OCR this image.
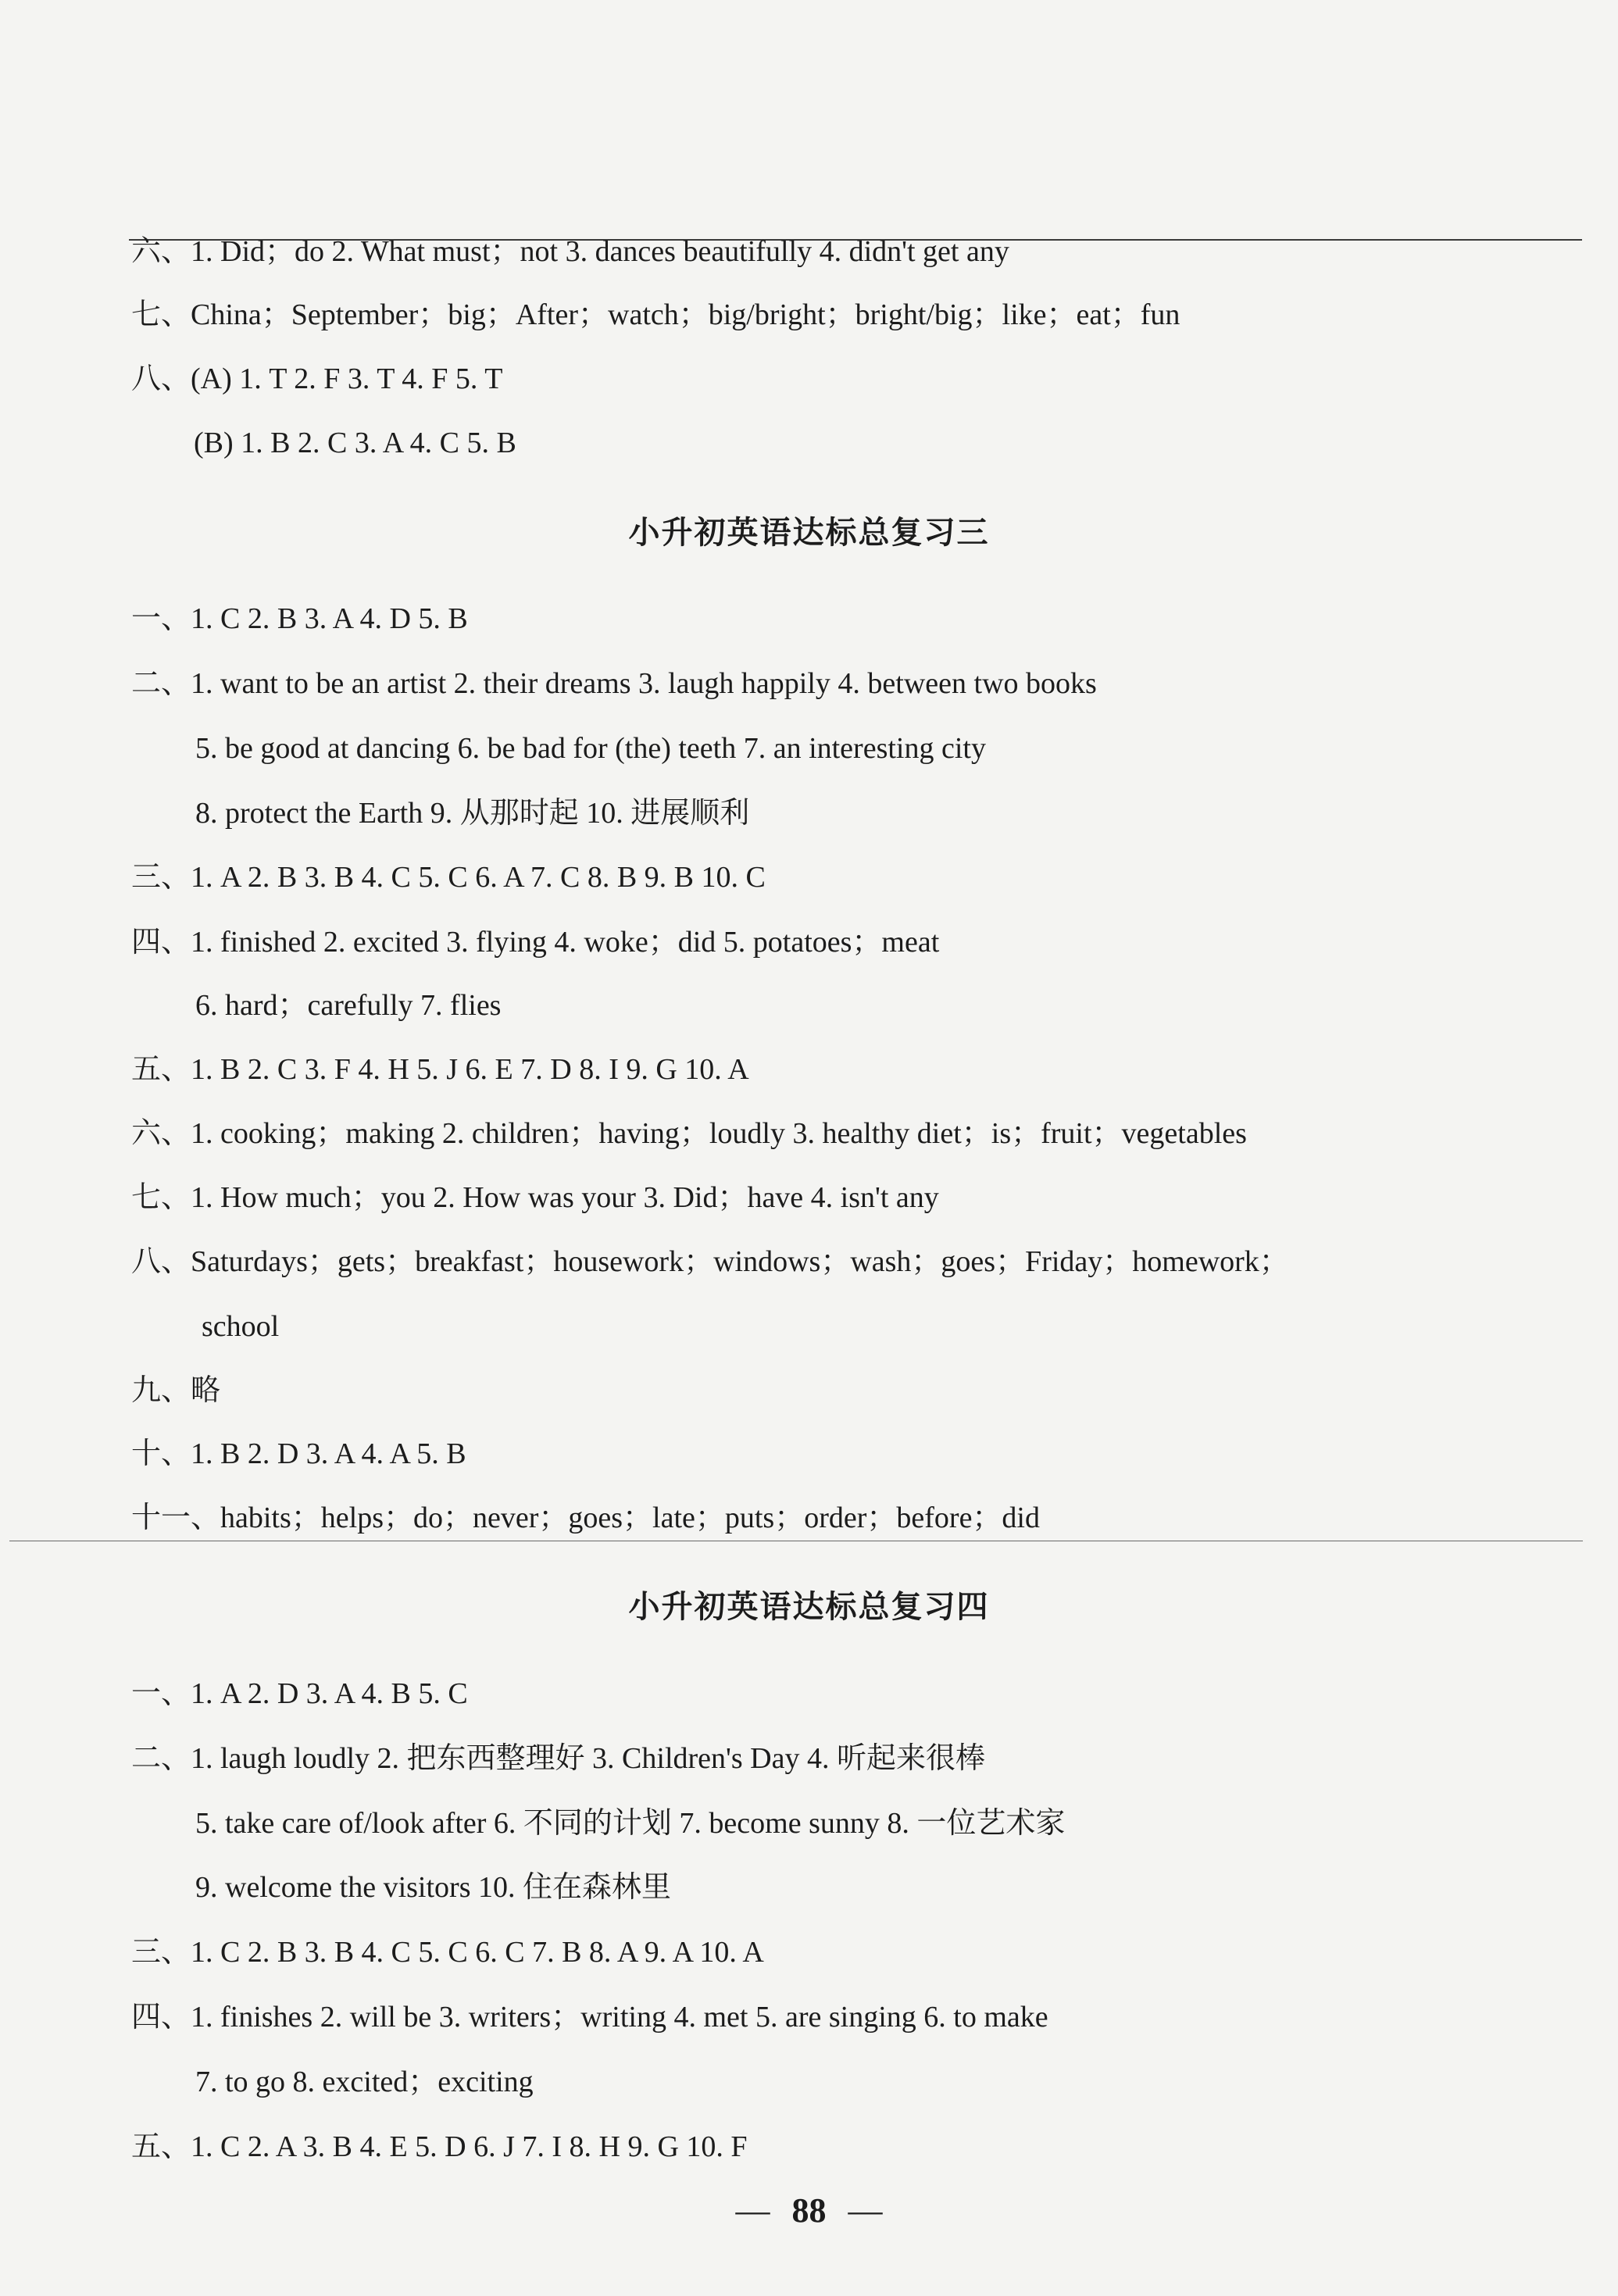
六、1. Did；do 2. What must；not 3. dances beautifully 4. didn't get any
七、China；September；big；After；watch；big/bright；bright/big；like；eat；fun
八、(A) 1. T 2. F 3. T 4. F 5. T
(B) 1. B 2. C 3. A 4. C 5. B
小升初英语达标总复习三
一、1. C 2. B 3. A 4. D 5. B
二、1. want to be an artist 2. their dreams 3. laugh happily 4. between two books
5. be good at dancing 6. be bad for (the) teeth 7. an interesting city
8. protect the Earth 9. 从那时起 10. 进展顺利
三、1. A 2. B 3. B 4. C 5. C 6. A 7. C 8. B 9. B 10. C
四、1. finished 2. excited 3. flying 4. woke；did 5. potatoes；meat
6. hard；carefully 7. flies
五、1. B 2. C 3. F 4. H 5. J 6. E 7. D 8. I 9. G 10. A
六、1. cooking；making 2. children；having；loudly 3. healthy diet；is；fruit；vegetables
七、1. How much；you 2. How was your 3. Did；have 4. isn't any
八、Saturdays；gets；breakfast；housework；windows；wash；goes；Friday；homework；
school
九、略
十、1. B 2. D 3. A 4. A 5. B
十一、habits；helps；do；never；goes；late；puts；order；before；did
小升初英语达标总复习四
一、1. A 2. D 3. A 4. B 5. C
二、1. laugh loudly 2. 把东西整理好 3. Children's Day 4. 听起来很棒
5. take care of/look after 6. 不同的计划 7. become sunny 8. 一位艺术家
9. welcome the visitors 10. 住在森林里
三、1. C 2. B 3. B 4. C 5. C 6. C 7. B 8. A 9. A 10. A
四、1. finishes 2. will be 3. writers；writing 4. met 5. are singing 6. to make
7. to go 8. excited；exciting
五、1. C 2. A 3. B 4. E 5. D 6. J 7. I 8. H 9. G 10. F
— 88 —
